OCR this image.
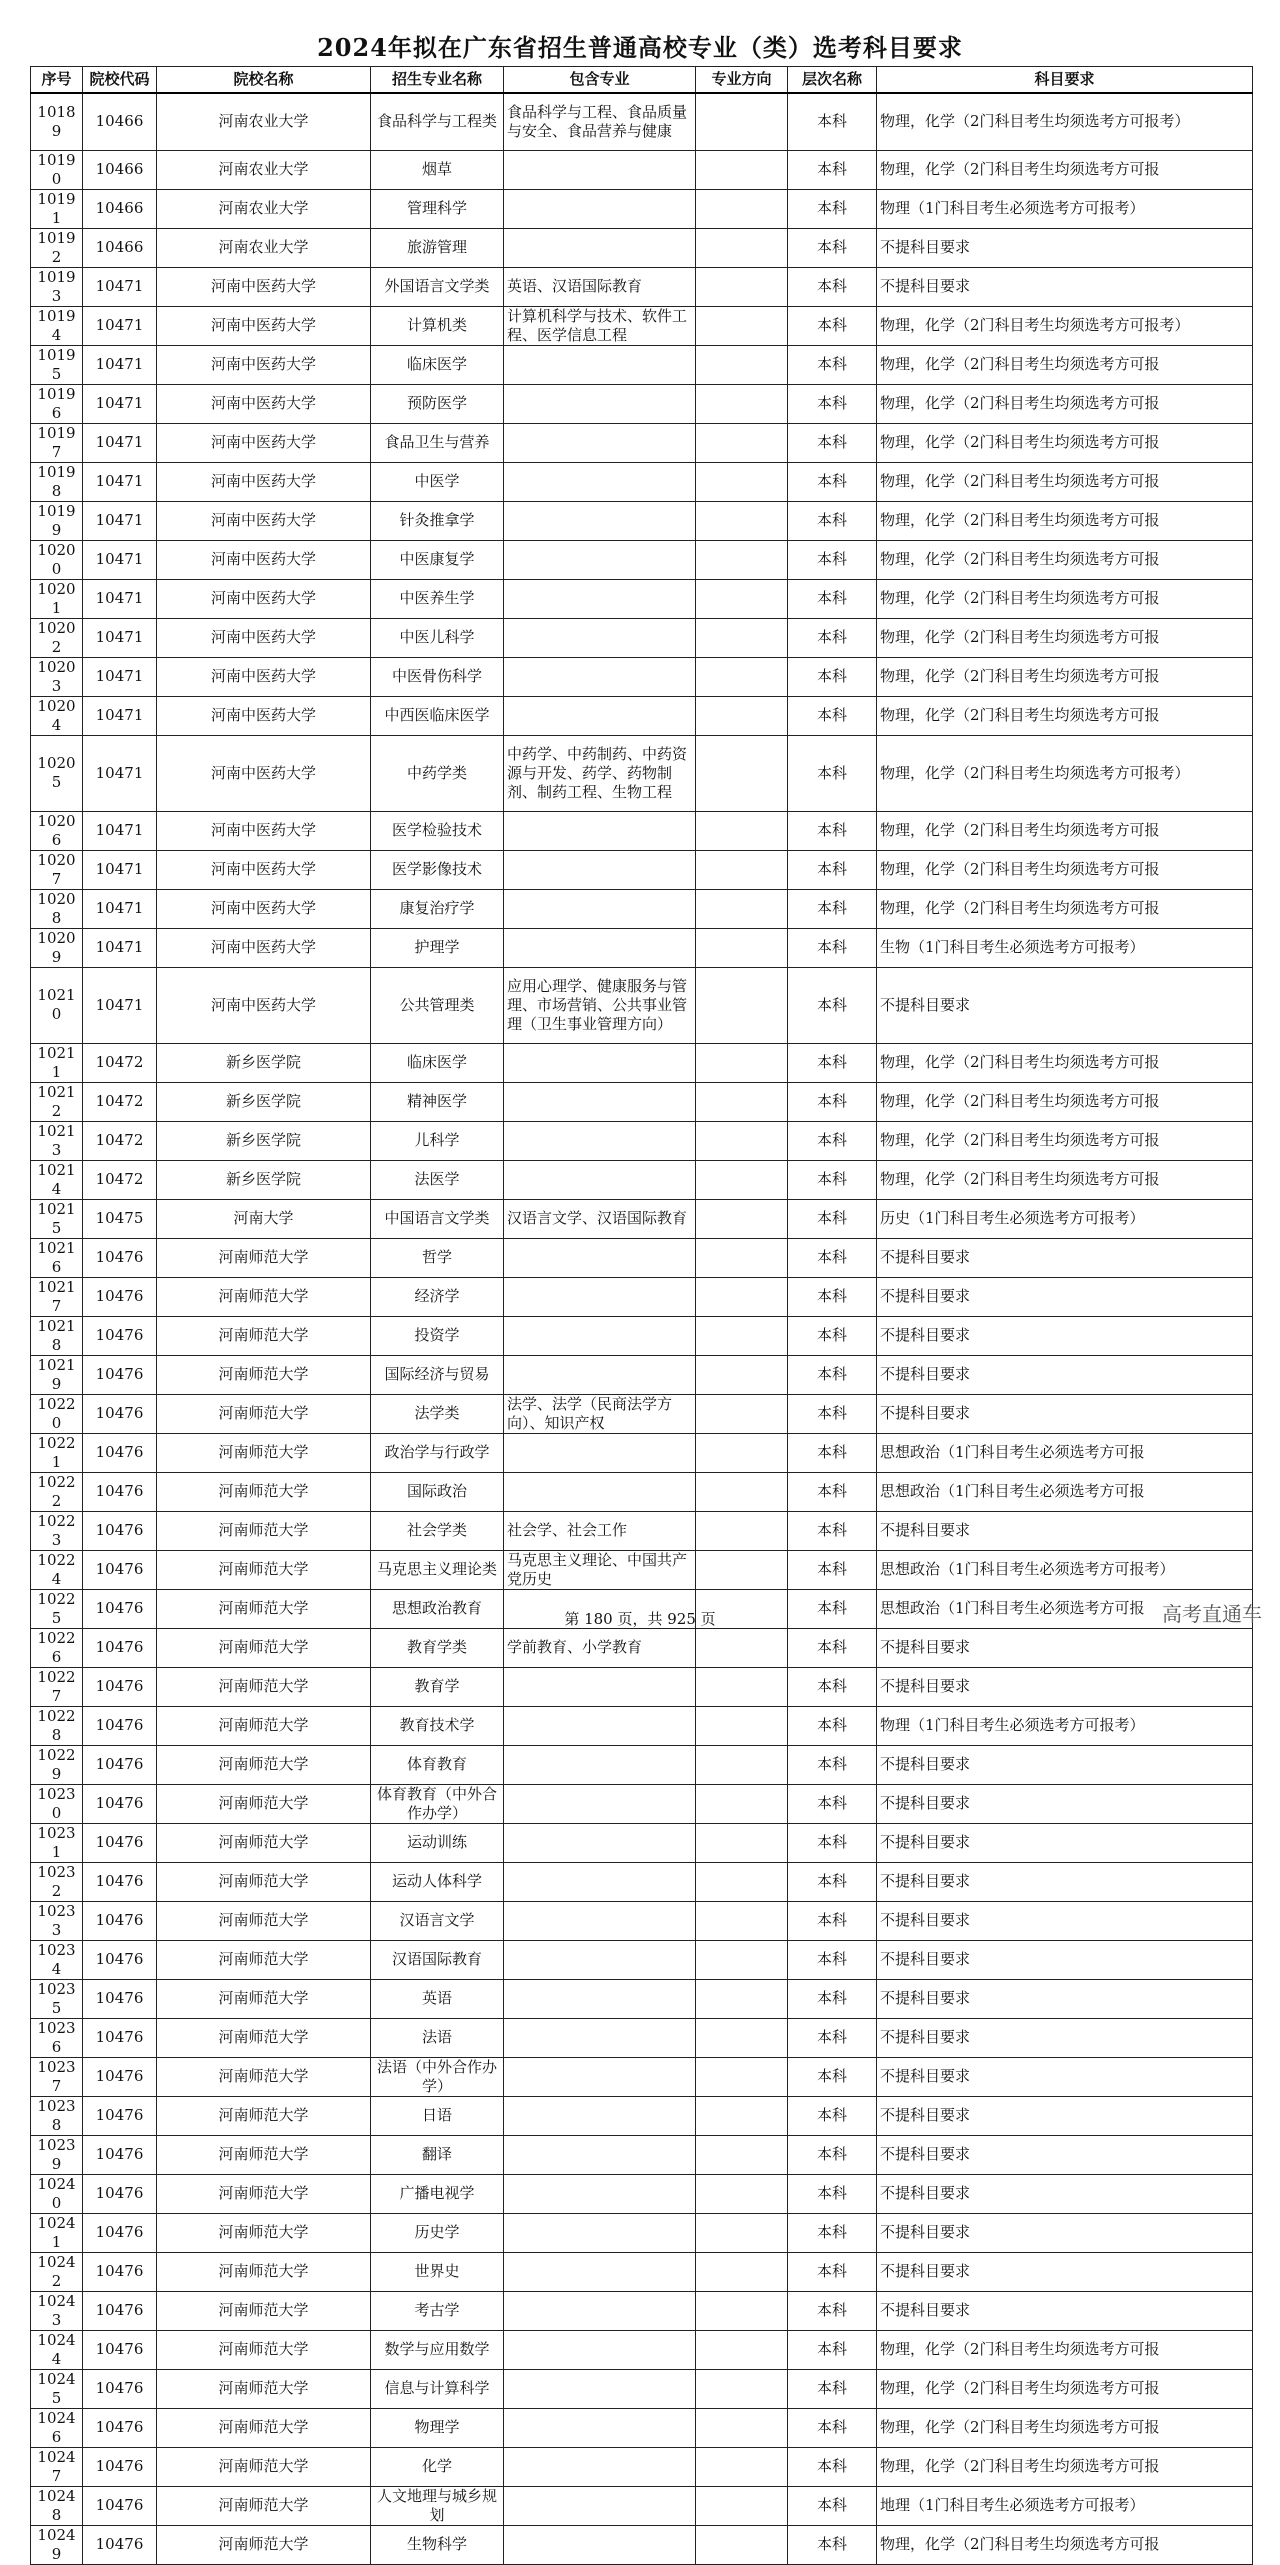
2024年拟在广东省招生普通高校专业（类）选考科目要求
序号	院校代码	院校名称	招生专业名称	包含专业	专业方向	层次名称	科目要求
10189	10466	河南农业大学	食品科学与工程类	食品科学与工程、食品质量与安全、食品营养与健康		本科	物理，化学（2门科目考生均须选考方可报考）
10190	10466	河南农业大学	烟草			本科	物理，化学（2门科目考生均须选考方可报
10191	10466	河南农业大学	管理科学			本科	物理（1门科目考生必须选考方可报考）
10192	10466	河南农业大学	旅游管理			本科	不提科目要求
10193	10471	河南中医药大学	外国语言文学类	英语、汉语国际教育		本科	不提科目要求
10194	10471	河南中医药大学	计算机类	计算机科学与技术、软件工程、医学信息工程		本科	物理，化学（2门科目考生均须选考方可报考）
10195	10471	河南中医药大学	临床医学			本科	物理，化学（2门科目考生均须选考方可报
10196	10471	河南中医药大学	预防医学			本科	物理，化学（2门科目考生均须选考方可报
10197	10471	河南中医药大学	食品卫生与营养			本科	物理，化学（2门科目考生均须选考方可报
10198	10471	河南中医药大学	中医学			本科	物理，化学（2门科目考生均须选考方可报
10199	10471	河南中医药大学	针灸推拿学			本科	物理，化学（2门科目考生均须选考方可报
10200	10471	河南中医药大学	中医康复学			本科	物理，化学（2门科目考生均须选考方可报
10201	10471	河南中医药大学	中医养生学			本科	物理，化学（2门科目考生均须选考方可报
10202	10471	河南中医药大学	中医儿科学			本科	物理，化学（2门科目考生均须选考方可报
10203	10471	河南中医药大学	中医骨伤科学			本科	物理，化学（2门科目考生均须选考方可报
10204	10471	河南中医药大学	中西医临床医学			本科	物理，化学（2门科目考生均须选考方可报
10205	10471	河南中医药大学	中药学类	中药学、中药制药、中药资源与开发、药学、药物制剂、制药工程、生物工程		本科	物理，化学（2门科目考生均须选考方可报考）
10206	10471	河南中医药大学	医学检验技术			本科	物理，化学（2门科目考生均须选考方可报
10207	10471	河南中医药大学	医学影像技术			本科	物理，化学（2门科目考生均须选考方可报
10208	10471	河南中医药大学	康复治疗学			本科	物理，化学（2门科目考生均须选考方可报
10209	10471	河南中医药大学	护理学			本科	生物（1门科目考生必须选考方可报考）
10210	10471	河南中医药大学	公共管理类	应用心理学、健康服务与管理、市场营销、公共事业管理（卫生事业管理方向）		本科	不提科目要求
10211	10472	新乡医学院	临床医学			本科	物理，化学（2门科目考生均须选考方可报
10212	10472	新乡医学院	精神医学			本科	物理，化学（2门科目考生均须选考方可报
10213	10472	新乡医学院	儿科学			本科	物理，化学（2门科目考生均须选考方可报
10214	10472	新乡医学院	法医学			本科	物理，化学（2门科目考生均须选考方可报
10215	10475	河南大学	中国语言文学类	汉语言文学、汉语国际教育		本科	历史（1门科目考生必须选考方可报考）
10216	10476	河南师范大学	哲学			本科	不提科目要求
10217	10476	河南师范大学	经济学			本科	不提科目要求
10218	10476	河南师范大学	投资学			本科	不提科目要求
10219	10476	河南师范大学	国际经济与贸易			本科	不提科目要求
10220	10476	河南师范大学	法学类	法学、法学（民商法学方向）、知识产权		本科	不提科目要求
10221	10476	河南师范大学	政治学与行政学			本科	思想政治（1门科目考生必须选考方可报
10222	10476	河南师范大学	国际政治			本科	思想政治（1门科目考生必须选考方可报
10223	10476	河南师范大学	社会学类	社会学、社会工作		本科	不提科目要求
10224	10476	河南师范大学	马克思主义理论类	马克思主义理论、中国共产党历史		本科	思想政治（1门科目考生必须选考方可报考）
10225	10476	河南师范大学	思想政治教育			本科	思想政治（1门科目考生必须选考方可报
10226	10476	河南师范大学	教育学类	学前教育、小学教育		本科	不提科目要求
10227	10476	河南师范大学	教育学			本科	不提科目要求
10228	10476	河南师范大学	教育技术学			本科	物理（1门科目考生必须选考方可报考）
10229	10476	河南师范大学	体育教育			本科	不提科目要求
10230	10476	河南师范大学	体育教育（中外合作办学）			本科	不提科目要求
10231	10476	河南师范大学	运动训练			本科	不提科目要求
10232	10476	河南师范大学	运动人体科学			本科	不提科目要求
10233	10476	河南师范大学	汉语言文学			本科	不提科目要求
10234	10476	河南师范大学	汉语国际教育			本科	不提科目要求
10235	10476	河南师范大学	英语			本科	不提科目要求
10236	10476	河南师范大学	法语			本科	不提科目要求
10237	10476	河南师范大学	法语（中外合作办学）			本科	不提科目要求
10238	10476	河南师范大学	日语			本科	不提科目要求
10239	10476	河南师范大学	翻译			本科	不提科目要求
10240	10476	河南师范大学	广播电视学			本科	不提科目要求
10241	10476	河南师范大学	历史学			本科	不提科目要求
10242	10476	河南师范大学	世界史			本科	不提科目要求
10243	10476	河南师范大学	考古学			本科	不提科目要求
10244	10476	河南师范大学	数学与应用数学			本科	物理，化学（2门科目考生均须选考方可报
10245	10476	河南师范大学	信息与计算科学			本科	物理，化学（2门科目考生均须选考方可报
10246	10476	河南师范大学	物理学			本科	物理，化学（2门科目考生均须选考方可报
10247	10476	河南师范大学	化学			本科	物理，化学（2门科目考生均须选考方可报
10248	10476	河南师范大学	人文地理与城乡规划			本科	地理（1门科目考生必须选考方可报考）
10249	10476	河南师范大学	生物科学			本科	物理，化学（2门科目考生均须选考方可报
第 180 页，共 925 页	高考直通车
